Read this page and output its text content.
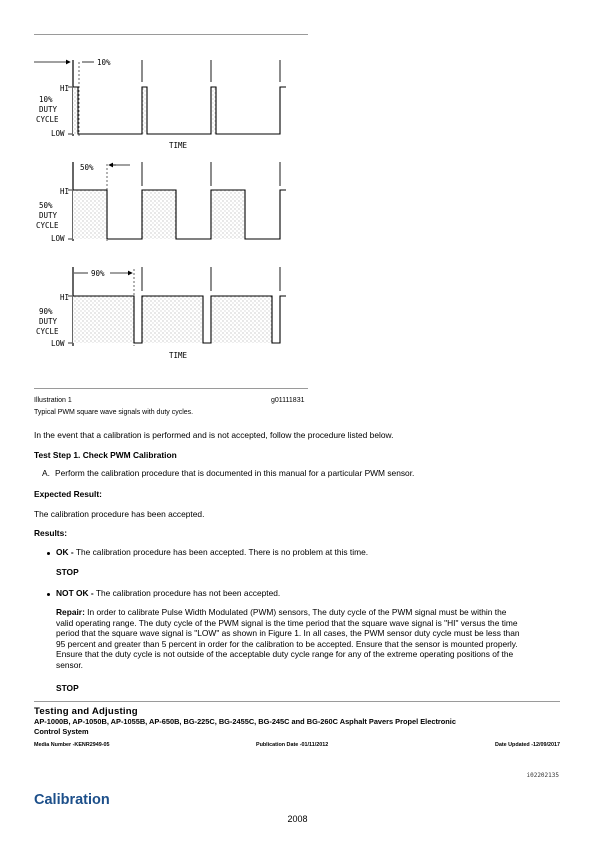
10%
HI
10%
DUTY
CYCLE
LOW
TIME
50%
HI
50%
DUTY
CYCLE
LOW
90%
HI
90%
DUTY
CYCLE
LOW
TIME
Illustration 1	g01111831
Typical PWM square wave signals with duty cycles.
In the event that a calibration is performed and is not accepted, follow the procedure listed below.
Test Step 1. Check PWM Calibration
A. Perform the calibration procedure that is documented in this manual for a particular PWM sensor.
Expected Result:
The calibration procedure has been accepted.
Results:
OK - The calibration procedure has been accepted. There is no problem at this time.
STOP
NOT OK - The calibration procedure has not been accepted.
Repair: In order to calibrate Pulse Width Modulated (PWM) sensors, The duty cycle of the PWM signal must be within the
valid operating range. The duty cycle of the PWM signal is the time period that the square wave signal is "HI" versus the time
period that the square wave signal is "LOW" as shown in Figure 1. In all cases, the PWM sensor duty cycle must be less than
95 percent and greater than 5 percent in order for the calibration to be accepted. Ensure that the sensor is mounted properly.
Ensure that the duty cycle is not outside of the acceptable duty cycle range for any of the extreme operating positions of the
sensor.
STOP
Testing and Adjusting
AP-1000B, AP-1050B, AP-1055B, AP-650B, BG-225C, BG-2455C, BG-245C and BG-260C Asphalt Pavers Propel Electronic
Control System
Media Number -KENR2949-05	Publication Date -01/11/2012	Date Updated -12/09/2017
i02202135
Calibration
2008
